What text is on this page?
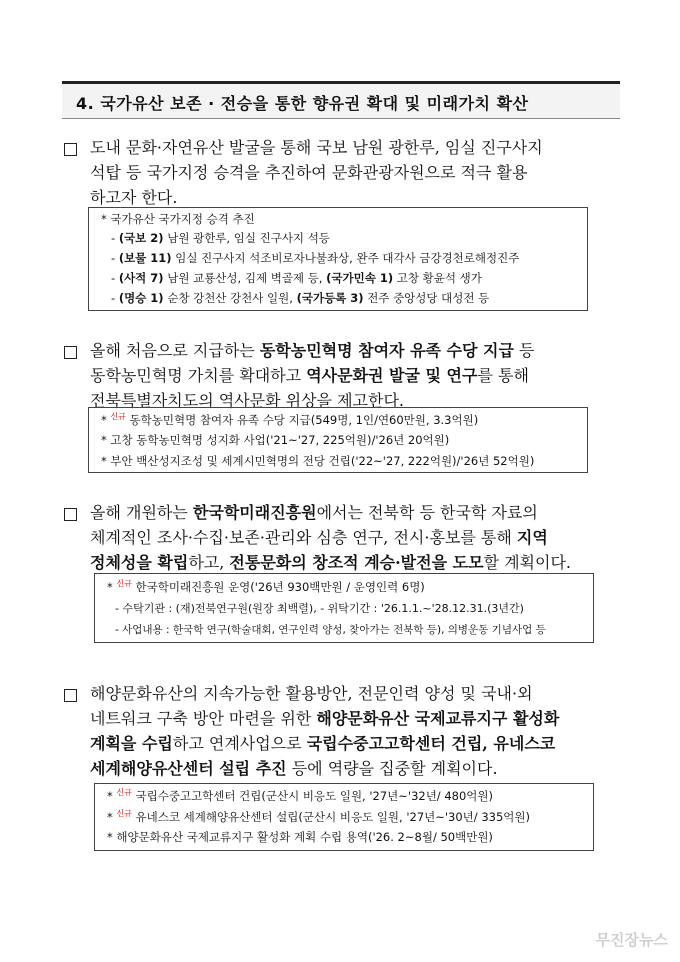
4. 국가유산 보존 · 전승을 통한 향유권 확대 및 미래가치 확산
도내 문화·자연유산 발굴을 통해 국보 남원 광한루, 임실 진구사지
석탑 등 국가지정 승격을 추진하여 문화관광자원으로 적극 활용
하고자 한다.
* 국가유산 국가지정 승격 추진
- (국보 2) 남원 광한루, 임실 진구사지 석등
- (보물 11) 임실 진구사지 석조비로자나불좌상, 완주 대각사 금강경천로해정진주
- (사적 7) 남원 교룡산성, 김제 벽골제 등, (국가민속 1) 고창 황윤석 생가
- (명승 1) 순창 강천산 강천사 일원, (국가등록 3) 전주 중앙성당 대성전 등
올해 처음으로 지급하는 동학농민혁명 참여자 유족 수당 지급 등
동학농민혁명 가치를 확대하고 역사문화권 발굴 및 연구를 통해
전북특별자치도의 역사문화 위상을 제고한다.
* $^{신규}$ 동학농민혁명 참여자 유족 수당 지급(549명, 1인/연60만원, 3.3억원)
* 고창 동학농민혁명 성지화 사업('21~'27, 225억원)/'26년 20억원)
* 부안 백산성지조성 및 세계시민혁명의 전당 건립('22~'27, 222억원)/'26년 52억원)
올해 개원하는 한국학미래진흥원에서는 전북학 등 한국학 자료의
체계적인 조사·수집·보존·관리와 심층 연구, 전시·홍보를 통해 지역
정체성을 확립하고, 전통문화의 창조적 계승·발전을 도모할 계획이다.
* $^{신규}$ 한국학미래진흥원 운영('26년 930백만원 / 운영인력 6명)
- 수탁기관 : (재)전북연구원(원장 최백렬), - 위탁기간 : '26.1.1.~'28.12.31.(3년간)
- 사업내용 : 한국학 연구(학술대회, 연구인력 양성, 찾아가는 전북학 등), 의병운동 기념사업 등
해양문화유산의 지속가능한 활용방안, 전문인력 양성 및 국내·외
네트워크 구축 방안 마련을 위한 해양문화유산 국제교류지구 활성화
계획을 수립하고 연계사업으로 국립수중고고학센터 건립, 유네스코
세계해양유산센터 설립 추진 등에 역량을 집중할 계획이다.
* $^{신규}$ 국립수중고고학센터 건립(군산시 비응도 일원, '27년~'32년/ 480억원)
* $^{신규}$ 유네스코 세계해양유산센터 설립(군산시 비응도 일원, '27년~'30년/ 335억원)
* 해양문화유산 국제교류지구 활성화 계획 수립 용역('26. 2~8월/ 50백만원)
무진장뉴스
